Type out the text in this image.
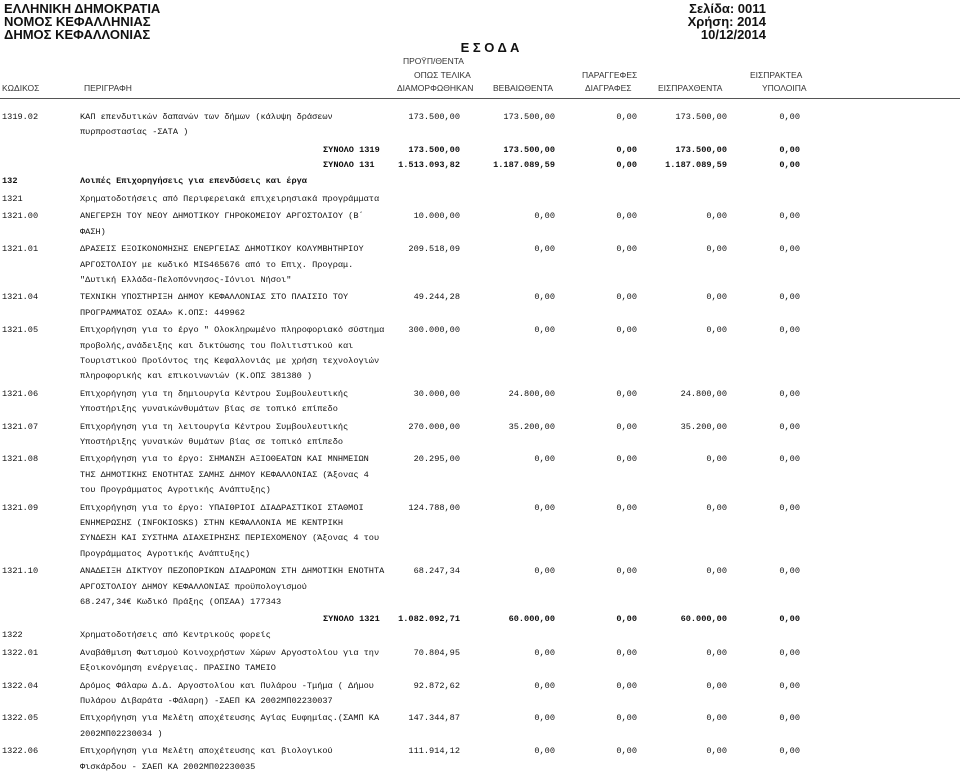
ΕΛΛΗΝΙΚΗ ΔΗΜΟΚΡΑΤΙΑ
ΝΟΜΟΣ ΚΕΦΑΛΛΗΝΙΑΣ
ΔΗΜΟΣ ΚΕΦΑΛΛΟΝΙΑΣ
Σελίδα: 0011
Χρήση: 2014
10/12/2014
Ε Σ Ο Δ Α
ΠΡΟΫΠ/ΘΕΝΤΑ
ΟΠΩΣ ΤΕΛΙΚΑ	ΠΑΡΑΓΓΕΦΕΣ	ΕΙΣΠΡΑΚΤΕΑ
ΚΩΔΙΚΟΣ	ΠΕΡΙΓΡΑΦΗ	ΔΙΑΜΟΡΦΩΘΗΚΑΝ ΒΕΒΑΙΩΘΕΝΤΑ	ΔΙΑΓΡΑΦΕΣ	ΕΙΣΠΡΑΧΘΕΝΤΑ	ΥΠΟΛΟΙΠΑ
1319.02	ΚΑΠ επενδυτικών δαπανών των δήμων (κάλυψη δράσεων
πυρπροστασίας -ΣΑΤΑ )
173.500,00	173.500,00	0,00	173.500,00	0,00
ΣΥΝΟΛΟ 1319	173.500,00	173.500,00	0,00	173.500,00	0,00
ΣΥΝΟΛΟ 131	1.513.093,82	1.187.089,59	0,00	1.187.089,59	0,00
132	Λοιπές Επιχορηγήσεις για επενδύσεις και έργα
1321	Χρηματοδοτήσεις από Περιφερειακά επιχειρησιακά προγράμματα
1321.00	ΑΝΕΓΕΡΣΗ ΤΟΥ ΝΕΟΥ ΔΗΜΟΤΙΚΟΥ ΓΗΡΟΚΟΜΕΙΟΥ ΑΡΓΟΣΤΟΛΙΟΥ (Β΄
ΦΑΣΗ)
10.000,00	0,00	0,00	0,00	0,00
1321.01	ΔΡΑΣΕΙΣ ΕΞΟΙΚΟΝΟΜΗΣΗΣ ΕΝΕΡΓΕΙΑΣ ΔΗΜΟΤΙΚΟΥ ΚΟΛΥΜΒΗΤΗΡΙΟΥ
ΑΡΓΟΣΤΟΛΙΟΥ με κωδικό MIS465676 από το Επιχ. Προγραμ.
"Δυτική Ελλάδα-Πελοπόννησος-Ιόνιοι Νήσοι"
209.518,09	0,00	0,00	0,00	0,00
1321.04	ΤΕΧΝΙΚΗ ΥΠΟΣΤΗΡΙΞΗ ΔΗΜΟΥ ΚΕΦΑΛΛΟΝΙΑΣ ΣΤΟ ΠΛΑΙΣΙΟ ΤΟΥ
ΠΡΟΓΡΑΜΜΑΤΟΣ ΟΣΑΑ» Κ.ΟΠΣ: 449962
49.244,28	0,00	0,00	0,00	0,00
1321.05	Επιχορήγηση για το έργο " Ολοκληρωμένο πληροφοριακό σύστημα
προβολής,ανάδειξης και δικτύωσης του Πολιτιστικού και
Τουριστικού Προϊόντος της Κεφαλλονιάς με χρήση τεχνολογιών
πληροφορικής και επικοινωνιών (Κ.ΟΠΣ 381380 )
300.000,00	0,00	0,00	0,00	0,00
1321.06	Επιχορήγηση για τη δημιουργία Κέντρου Συμβουλευτικής
Υποστήριξης γυναικώνθυμάτων βίας σε τοπικό επίπεδο
30.000,00	24.800,00	0,00	24.800,00	0,00
1321.07	Επιχορήγηση για τη λειτουργία Κέντρου Συμβουλευτικής
Υποστήριξης γυναικών θυμάτων βίας σε τοπικό επίπεδο
270.000,00	35.200,00	0,00	35.200,00	0,00
1321.08	Επιχορήγηση για το έργο: ΣΗΜΑΝΣΗ ΑΞΙΟΘΕΑΤΩΝ ΚΑΙ ΜΝΗΜΕΙΩΝ
ΤΗΣ ΔΗΜΟΤΙΚΗΣ ΕΝΟΤΗΤΑΣ ΣΑΜΗΣ ΔΗΜΟΥ ΚΕΦΑΛΛΟΝΙΑΣ (Άξονας 4
του Προγράμματος Αγροτικής Ανάπτυξης)
20.295,00	0,00	0,00	0,00	0,00
1321.09	Επιχορήγηση για το έργο: ΥΠΑΙΘΡΙΟΙ ΔΙΑΔΡΑΣΤΙΚΟΙ ΣΤΑΘΜΟΙ
ΕΝΗΜΕΡΩΣΗΣ (INFOKIOSKS) ΣΤΗΝ ΚΕΦΑΛΛΟΝΙΑ ΜΕ ΚΕΝΤΡΙΚΗ
ΣΥΝΔΕΣΗ ΚΑΙ ΣΥΣΤΗΜΑ ΔΙΑΧΕΙΡΗΣΗΣ ΠΕΡΙΕΧΟΜΕΝΟΥ (Άξονας 4 του
Προγράμματος Αγροτικής Ανάπτυξης)
124.788,00	0,00	0,00	0,00	0,00
1321.10	ΑΝΑΔΕΙΞΗ ΔΙΚΤΥΟΥ ΠΕΖΟΠΟΡΙΚΩΝ ΔΙΑΔΡΟΜΩΝ ΣΤΗ ΔΗΜΟΤΙΚΗ ΕΝΟΤΗΤΑ
ΑΡΓΟΣΤΟΛΙΟΥ ΔΗΜΟΥ ΚΕΦΑΛΛΟΝΙΑΣ προϋπολογισμού
68.247,34€ Κωδικό Πράξης (ΟΠΣΑΑ) 177343
68.247,34	0,00	0,00	0,00	0,00
ΣΥΝΟΛΟ 1321 1.082.092,71	60.000,00	0,00	60.000,00	0,00
1322	Χρηματοδοτήσεις από Κεντρικούς φορείς
1322.01	Αναβάθμιση Φωτισμού Κοινοχρήστων Χώρων Αργοστολίου για την
Εξοικονόμηση ενέργειας. ΠΡΑΣΙΝΟ ΤΑΜΕΙΟ
70.804,95	0,00	0,00	0,00	0,00
1322.04	Δρόμος Φάλαρω Δ.Δ. Αργοστολίου και Πυλάρου -Τμήμα ( Δήμου
Πυλάρου Διβαράτα -Φάλαρη) -ΣΑΕΠ ΚΑ 2002ΜΠ02230037
92.872,62	0,00	0,00	0,00	0,00
1322.05	Επιχορήγηση για Μελέτη αποχέτευσης Αγίας Ευφημίας.(ΣΑΜΠ ΚΑ
2002ΜΠ02230034 )
147.344,87	0,00	0,00	0,00	0,00
1322.06	Επιχορήγηση για Μελέτη αποχέτευσης και βιολογικού
Φισκάρδου - ΣΑΕΠ ΚΑ 2002ΜΠ02230035
111.914,12	0,00	0,00	0,00	0,00
